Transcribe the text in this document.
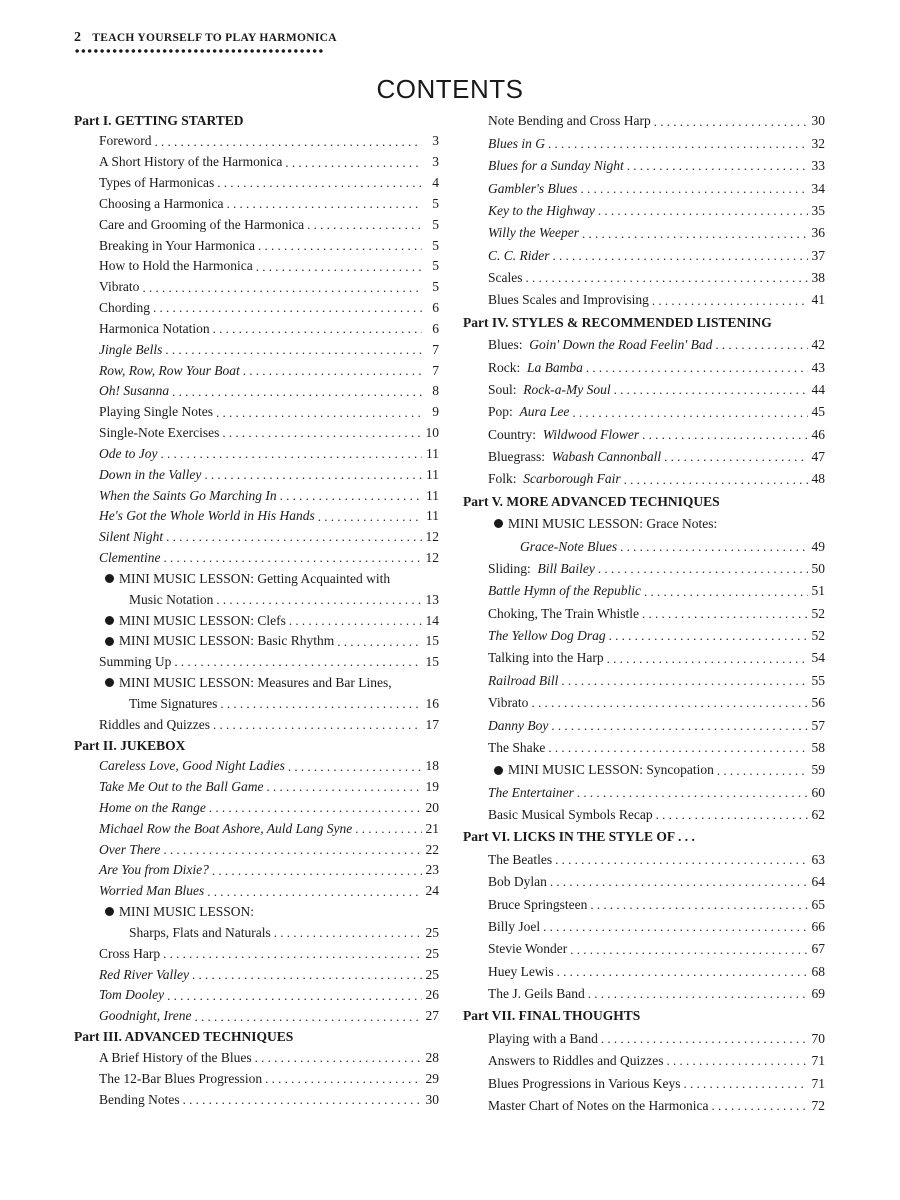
2 TEACH YOURSELF TO PLAY HARMONICA
CONTENTS
Part I. GETTING STARTED
Foreword . . .	3
A Short History of the Harmonica . . .	3
Types of Harmonicas . . .	4
Choosing a Harmonica . . .	5
Care and Grooming of the Harmonica . . .	5
Breaking in Your Harmonica . . .	5
How to Hold the Harmonica . . .	5
Vibrato . . .	5
Chording . . .	6
Harmonica Notation . . .	6
Jingle Bells . . .	7
Row, Row, Row Your Boat . . .	7
Oh! Susanna . . .	8
Playing Single Notes . . .	9
Single-Note Exercises . . .	10
Ode to Joy . . .	11
Down in the Valley . . .	11
When the Saints Go Marching In . . .	11
He's Got the Whole World in His Hands . . .	11
Silent Night . . .	12
Clementine . . .	12
MINI MUSIC LESSON: Getting Acquainted with
Music Notation . . .	13
MINI MUSIC LESSON: Clefs . . .	14
MINI MUSIC LESSON: Basic Rhythm . . .	15
Summing Up . . .	15
MINI MUSIC LESSON: Measures and Bar Lines,
Time Signatures . . .	16
Riddles and Quizzes . . .	17
Part II. JUKEBOX
Careless Love, Good Night Ladies . . .	18
Take Me Out to the Ball Game . . .	19
Home on the Range . . .	20
Michael Row the Boat Ashore, Auld Lang Syne . . .	21
Over There . . .	22
Are You from Dixie? . . .	23
Worried Man Blues . . .	24
MINI MUSIC LESSON:
Sharps, Flats and Naturals . . .	25
Cross Harp . . .	25
Red River Valley . . .	25
Tom Dooley . . .	26
Goodnight, Irene . . .	27
Part III. ADVANCED TECHNIQUES
A Brief History of the Blues . . .	28
The 12-Bar Blues Progression . . .	29
Bending Notes . . .	30
Note Bending and Cross Harp . . .	30
Blues in G . . .	32
Blues for a Sunday Night . . .	33
Gambler's Blues . . .	34
Key to the Highway . . .	35
Willy the Weeper . . .	36
C. C. Rider . . .	37
Scales . . .	38
Blues Scales and Improvising . . .	41
Part IV. STYLES & RECOMMENDED LISTENING
Blues: Goin' Down the Road Feelin' Bad . . .	42
Rock: La Bamba . . .	43
Soul: Rock-a-My Soul . . .	44
Pop: Aura Lee . . .	45
Country: Wildwood Flower . . .	46
Bluegrass: Wabash Cannonball . . .	47
Folk: Scarborough Fair . . .	48
Part V. MORE ADVANCED TECHNIQUES
MINI MUSIC LESSON: Grace Notes:
Grace-Note Blues . . .	49
Sliding: Bill Bailey . . .	50
Battle Hymn of the Republic . . .	51
Choking, The Train Whistle . . .	52
The Yellow Dog Drag . . .	52
Talking into the Harp . . .	54
Railroad Bill . . .	55
Vibrato . . .	56
Danny Boy . . .	57
The Shake . . .	58
MINI MUSIC LESSON: Syncopation . . .	59
The Entertainer . . .	60
Basic Musical Symbols Recap . . .	62
Part VI. LICKS IN THE STYLE OF . . .
The Beatles . . .	63
Bob Dylan . . .	64
Bruce Springsteen . . .	65
Billy Joel . . .	66
Stevie Wonder . . .	67
Huey Lewis . . .	68
The J. Geils Band . . .	69
Part VII. FINAL THOUGHTS
Playing with a Band . . .	70
Answers to Riddles and Quizzes . . .	71
Blues Progressions in Various Keys . . .	71
Master Chart of Notes on the Harmonica . . .	72
